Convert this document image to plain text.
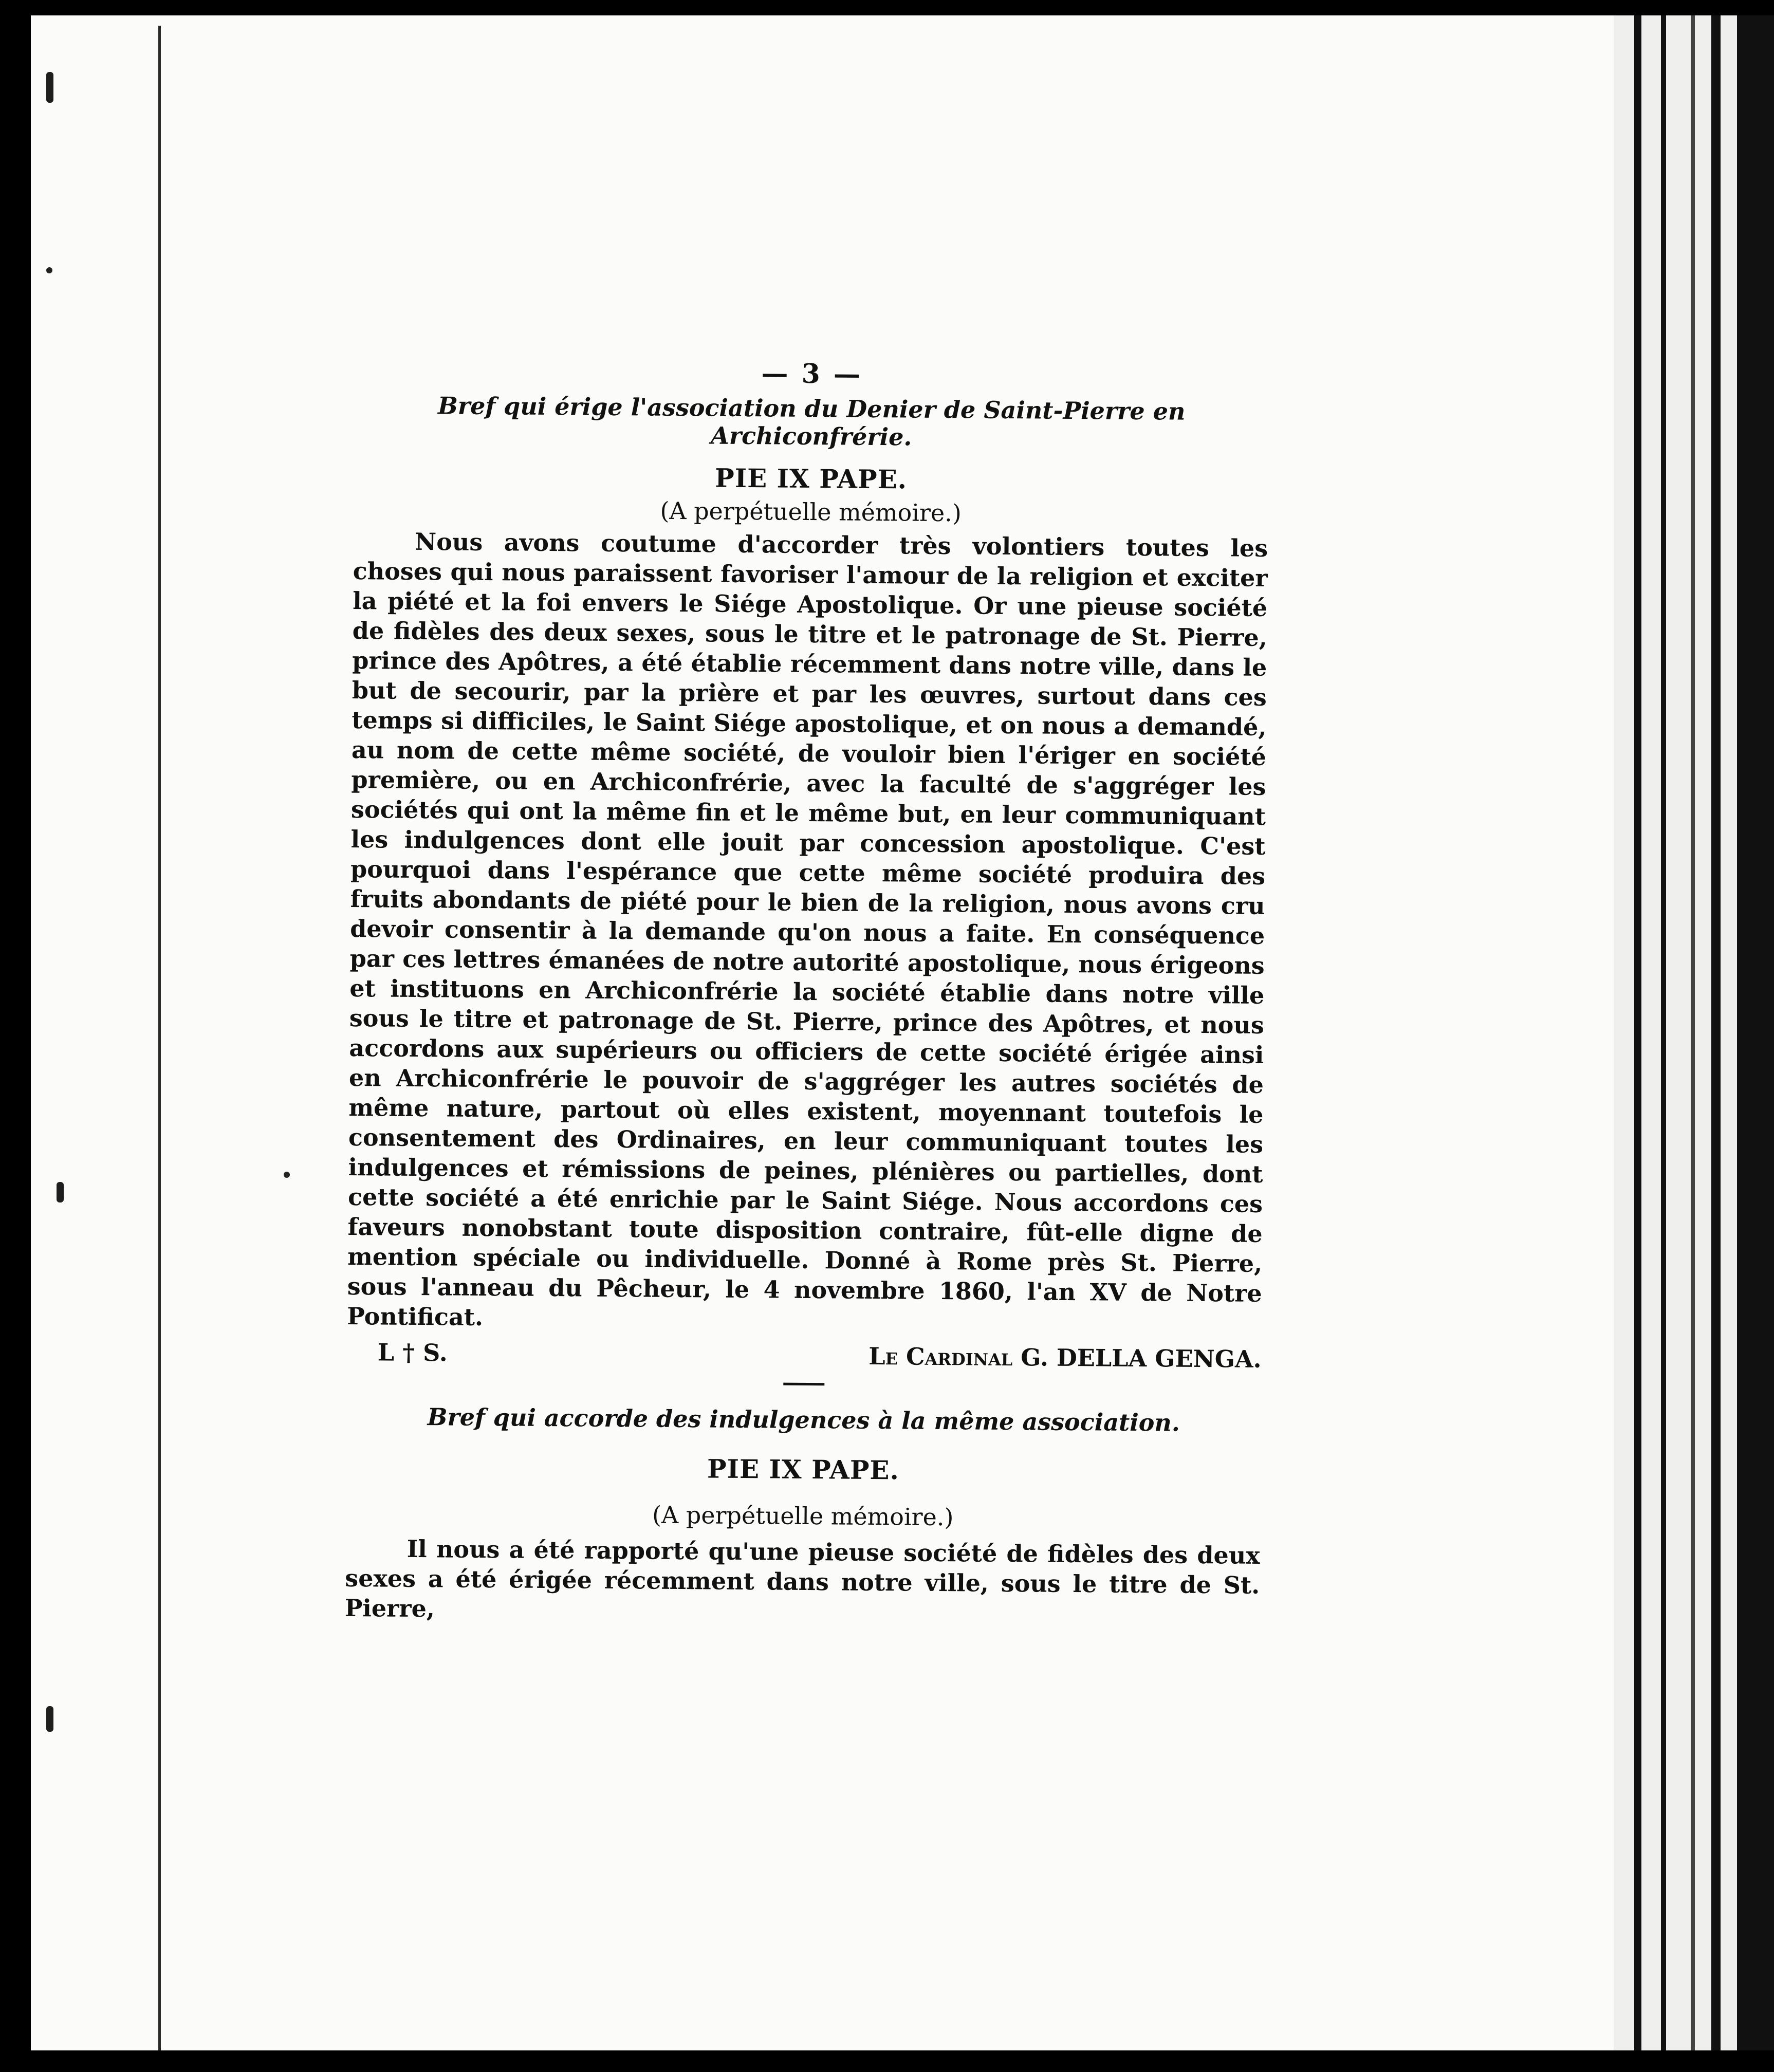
— 3 —
Bref qui érige l'association du Denier de Saint-Pierre en Archiconfrérie.
PIE IX PAPE.
(A perpétuelle mémoire.)

Nous avons coutume d'accorder très volontiers toutes les choses qui nous paraissent favoriser l'amour de la religion et exciter la piété et la foi envers le Siége Apostolique. Or une pieuse société de fidèles des deux sexes, sous le titre et le patronage de St. Pierre, prince des Apôtres, a été établie récemment dans notre ville, dans le but de secourir, par la prière et par les œuvres, surtout dans ces temps si difficiles, le Saint Siége apostolique, et on nous a demandé, au nom de cette même société, de vouloir bien l'ériger en société première, ou en Archiconfrérie, avec la faculté de s'aggréger les sociétés qui ont la même fin et le même but, en leur communiquant les indulgences dont elle jouit par concession apostolique. C'est pourquoi dans l'espérance que cette même société produira des fruits abondants de piété pour le bien de la religion, nous avons cru devoir consentir à la demande qu'on nous a faite. En conséquence par ces lettres émanées de notre autorité apostolique, nous érigeons et instituons en Archiconfrérie la société établie dans notre ville sous le titre et patronage de St. Pierre, prince des Apôtres, et nous accordons aux supérieurs ou officiers de cette société érigée ainsi en Archiconfrérie le pouvoir de s'aggréger les autres sociétés de même nature, partout où elles existent, moyennant toutefois le consentement des Ordinaires, en leur communiquant toutes les indulgences et rémissions de peines, plénières ou partielles, dont cette société a été enrichie par le Saint Siége. Nous accordons ces faveurs nonobstant toute disposition contraire, fût-elle digne de mention spéciale ou individuelle. Donné à Rome près St. Pierre, sous l'anneau du Pêcheur, le 4 novembre 1860, l'an XV de Notre Pontificat.

L † S.	Le Cardinal G. DELLA GENGA.
Bref qui accorde des indulgences à la même association.
PIE IX PAPE.
(A perpétuelle mémoire.)

Il nous a été rapporté qu'une pieuse société de fidèles des deux sexes a été érigée récemment dans notre ville, sous le titre de St. Pierre,
